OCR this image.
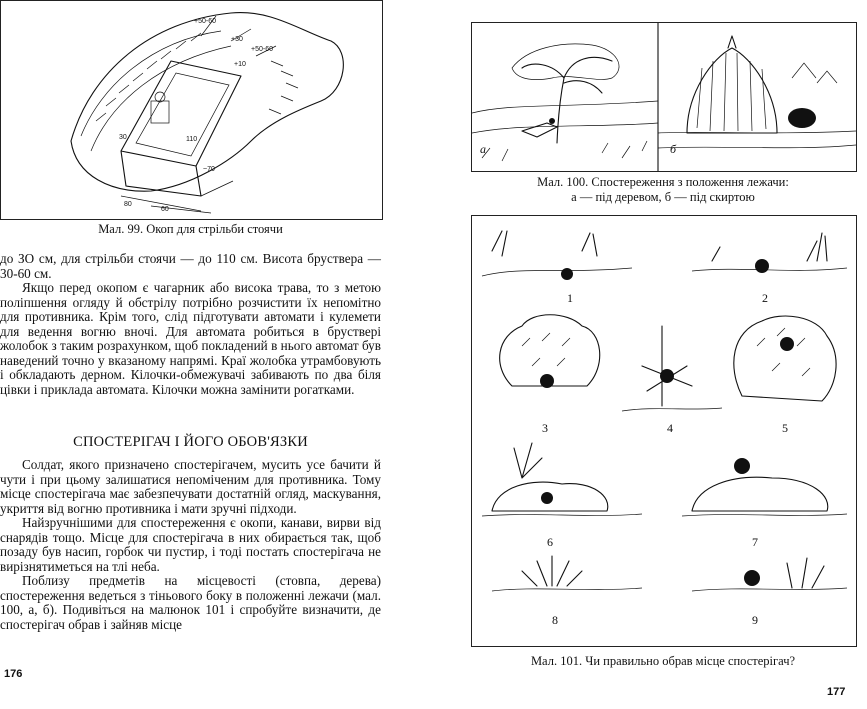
+50-60
+50-60
+30
+10
110
~70
30
80
60
Мал. 99. Окоп для стрільби стоячи

до ЗО см, для стрільби стоячи — до 110 см. Висота бруствера — 30-60 см.

Якщо перед окопом є чагарник або висока трава, то з метою поліпшення огляду й обстрілу потрібно розчистити їх непомітно для противника. Крім того, слід підготувати автомати і кулемети для ведення вогню вночі. Для автомата робиться в бруствері жолобок з таким розрахунком, щоб покладений в нього автомат був наведений точно у вказаному напрямі. Краї жолобка утрамбовують і обкладають дерном. Кілочки-обмежувачі забивають по два біля цівки і приклада автомата. Кілочки можна замінити рогатками.

СПОСТЕРІГАЧ І ЙОГО ОБОВ'ЯЗКИ

Солдат, якого призначено спостерігачем, мусить усе бачити й чути і при цьому залишатися непоміченим для противника. Тому місце спостерігача має забезпечувати достатній огляд, маскування, укриття від вогню противника і мати зручні підходи.

Найзручнішими для спостереження є окопи, канави, вирви від снарядів тощо. Місце для спостерігача в них обирається так, щоб позаду був насип, горбок чи пустир, і тоді постать спостерігача не вирізнятиметься на тлі неба.

Поблизу предметів на місцевості (стовпа, дерева) спостереження ведеться з тіньового боку в положенні лежачи (мал. 100, а, б). Подивіться на малюнок 101 і спробуйте визначити, де спостерігач обрав і зайняв місце

176
а	б
Мал. 100. Спостереження з положення лежачи:
а — під деревом, б — під скиртою
1	2
3	4	5
6	7
8	9
Мал. 101. Чи правильно обрав місце спостерігач?
177
